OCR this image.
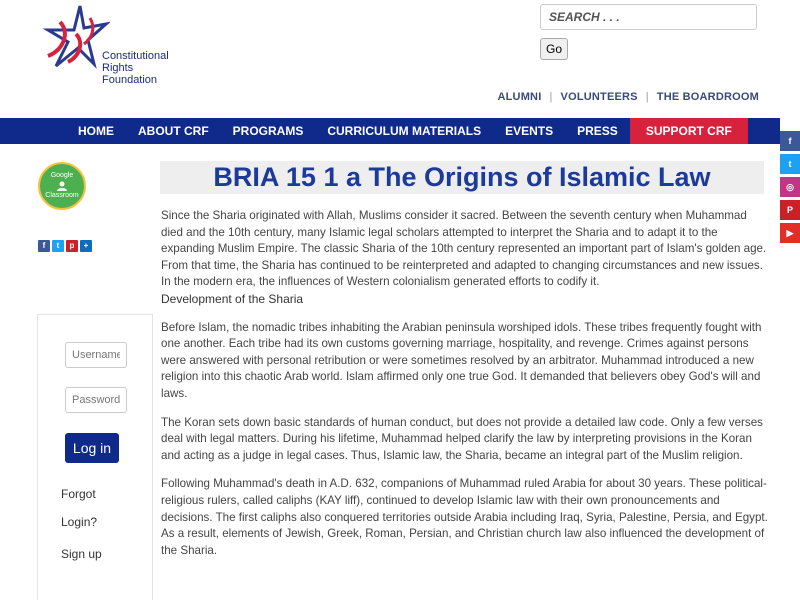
Constitutional
Rights
Foundation
SEARCH . . .
Go
ALUMNI | VOLUNTEERS | THE BOARDROOM
HOME	ABOUT CRF	PROGRAMS	CURRICULUM MATERIALS	EVENTS	PRESS	SUPPORT CRF
f
t
◎
P
▶
Google
Classroom
f	t	p	+
Username
Log in
Forgot
Login?
Sign up
BRIA 15 1 a The Origins of Islamic Law

Since the Sharia originated with Allah, Muslims consider it sacred. Between the seventh century when Muhammad died and the 10th century, many Islamic legal scholars attempted to interpret the Sharia and to adapt it to the expanding Muslim Empire. The classic Sharia of the 10th century represented an important part of Islam's golden age. From that time, the Sharia has continued to be reinterpreted and adapted to changing circumstances and new issues. In the modern era, the influences of Western colonialism generated efforts to codify it.

Development of the Sharia

Before Islam, the nomadic tribes inhabiting the Arabian peninsula worshiped idols. These tribes frequently fought with one another. Each tribe had its own customs governing marriage, hospitality, and revenge. Crimes against persons were answered with personal retribution or were sometimes resolved by an arbitrator. Muhammad introduced a new religion into this chaotic Arab world. Islam affirmed only one true God. It demanded that believers obey God's will and laws.

The Koran sets down basic standards of human conduct, but does not provide a detailed law code. Only a few verses deal with legal matters. During his lifetime, Muhammad helped clarify the law by interpreting provisions in the Koran and acting as a judge in legal cases. Thus, Islamic law, the Sharia, became an integral part of the Muslim religion.

Following Muhammad's death in A.D. 632, companions of Muhammad ruled Arabia for about 30 years. These political-religious rulers, called caliphs (KAY liff), continued to develop Islamic law with their own pronouncements and decisions. The first caliphs also conquered territories outside Arabia including Iraq, Syria, Palestine, Persia, and Egypt. As a result, elements of Jewish, Greek, Roman, Persian, and Christian church law also influenced the development of the Sharia.
